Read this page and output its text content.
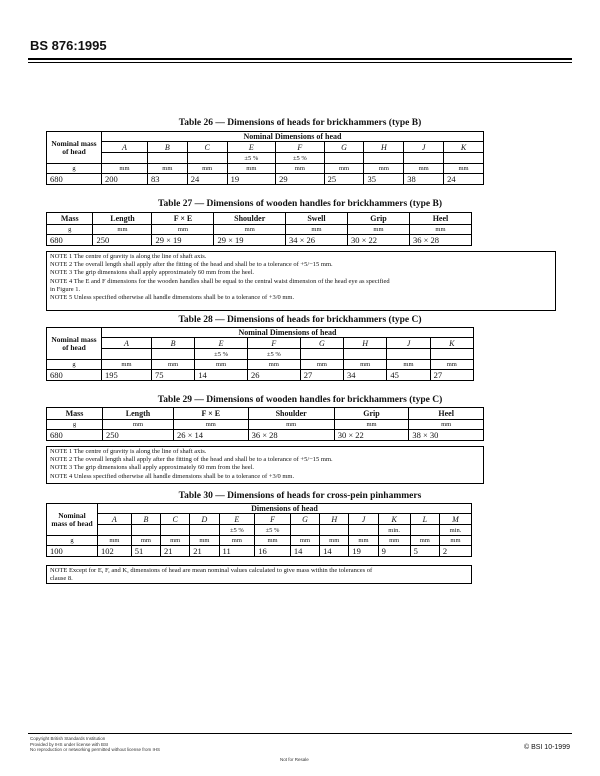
BS 876:1995
Table 26 — Dimensions of heads for brickhammers (type B)
Nominal mass of head	Nominal Dimensions of head								
	A	B	C	E	F	G	H	J	K
				±5 %	±5 %				
g	mm	mm	mm	mm	mm	mm	mm	mm	mm
680	200	83	24	19	29	25	35	38	24
Table 27 — Dimensions of wooden handles for brickhammers (type B)
Mass	Length	F × E	Shoulder	Swell	Grip	Heel
g	mm	mm	mm	mm	mm	mm
680	250	29 × 19	29 × 19	34 × 26	30 × 22	36 × 28
NOTE 1 The centre of gravity is along the line of shaft axis.
NOTE 2 The overall length shall apply after the fitting of the head and shall be to a tolerance of +5/−15 mm.
NOTE 3 The grip dimensions shall apply approximately 60 mm from the heel.
NOTE 4 The E and F dimensions for the wooden handles shall be equal to the central waist dimension of the head eye as specified
in Figure 1.
NOTE 5 Unless specified otherwise all handle dimensions shall be to a tolerance of +3/0 mm.
Table 28 — Dimensions of heads for brickhammers (type C)
Nominal mass of head	Nominal Dimensions of head							
	A	B	E	F	G	H	J	K
			±5 %	±5 %				
g	mm	mm	mm	mm	mm	mm	mm	mm
680	195	75	14	26	27	34	45	27
Table 29 — Dimensions of wooden handles for brickhammers (type C)
Mass	Length	F × E	Shoulder	Grip	Heel
g	mm	mm	mm	mm	mm
680	250	26 × 14	36 × 28	30 × 22	38 × 30
NOTE 1 The centre of gravity is along the line of shaft axis.
NOTE 2 The overall length shall apply after the fitting of the head and shall be to a tolerance of +5/−15 mm.
NOTE 3 The grip dimensions shall apply approximately 60 mm from the heel.
NOTE 4 Unless specified otherwise all handle dimensions shall be to a tolerance of +3/0 mm.
Table 30 — Dimensions of heads for cross-pein pinhammers
Nominal mass of head	Dimensions of head											
	A	B	C	D	E	F	G	H	J	K	L	M
					±5 %	±5 %				min.		min.
g	mm	mm	mm	mm	mm	mm	mm	mm	mm	mm	mm	mm
100	102	51	21	21	11	16	14	14	19	9	5	2
NOTE Except for E, F, and K, dimensions of head are mean nominal values calculated to give mass within the tolerances of
clause 8.
Copyright British Standards Institution
Provided by IHS under license with BSI
No reproduction or networking permitted without license from IHS
Not for Resale
© BSI 10-1999
